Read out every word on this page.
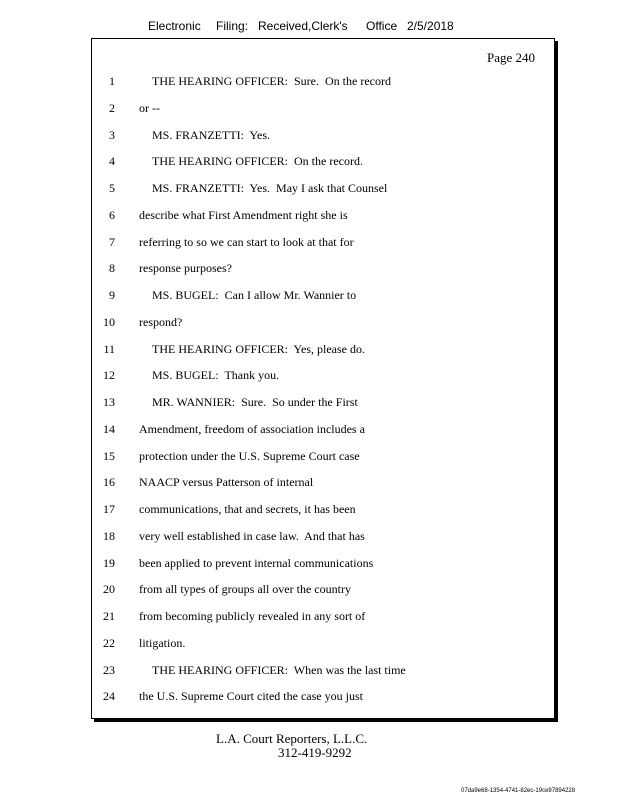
Electronic Filing: Received,Clerk's Office 2/5/2018
Page 240
1	THE HEARING OFFICER:  Sure.  On the record
2 or --
3	MS. FRANZETTI:  Yes.
4	THE HEARING OFFICER:  On the record.
5	MS. FRANZETTI:  Yes.  May I ask that Counsel
6 describe what First Amendment right she is
7 referring to so we can start to look at that for
8 response purposes?
9	MS. BUGEL:  Can I allow Mr. Wannier to
10 respond?
11	THE HEARING OFFICER:  Yes, please do.
12	MS. BUGEL:  Thank you.
13	MR. WANNIER:  Sure.  So under the First
14 Amendment, freedom of association includes a
15 protection under the U.S. Supreme Court case
16 NAACP versus Patterson of internal
17 communications, that and secrets, it has been
18 very well established in case law.  And that has
19 been applied to prevent internal communications
20 from all types of groups all over the country
21 from becoming publicly revealed in any sort of
22 litigation.
23	THE HEARING OFFICER:  When was the last time
24 the U.S. Supreme Court cited the case you just
L.A. Court Reporters, L.L.C.
312-419-9292
07da9e68-1354-4741-82ec-19ce97894228
